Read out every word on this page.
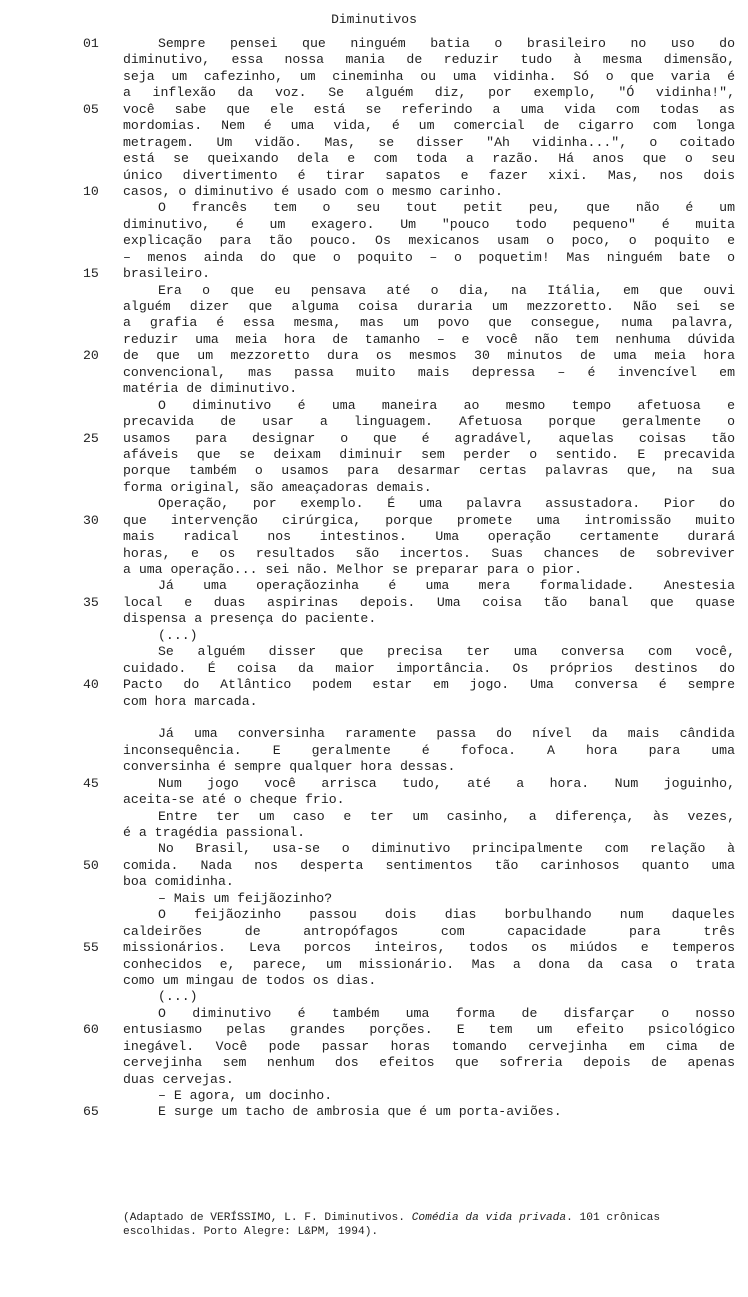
Diminutivos
01	Sempre pensei que ninguém batia o brasileiro no uso do
diminutivo, essa nossa mania de reduzir tudo à mesma dimensão,
seja um cafezinho, um cineminha ou uma vidinha. Só o que varia é
a inflexão da voz. Se alguém diz, por exemplo, "Ó vidinha!",
05 você sabe que ele está se referindo a uma vida com todas as
mordomias. Nem é uma vida, é um comercial de cigarro com longa
metragem. Um vidão. Mas, se disser "Ah vidinha...", o coitado
está se queixando dela e com toda a razão. Há anos que o seu
único divertimento é tirar sapatos e fazer xixi. Mas, nos dois
10 casos, o diminutivo é usado com o mesmo carinho.
O francês tem o seu tout petit peu, que não é um
diminutivo, é um exagero. Um "pouco todo pequeno" é muita
explicação para tão pouco. Os mexicanos usam o poco, o poquito e
– menos ainda do que o poquito – o poquetim! Mas ninguém bate o
15 brasileiro.
Era o que eu pensava até o dia, na Itália, em que ouvi
alguém dizer que alguma coisa duraria um mezzoretto. Não sei se
a grafia é essa mesma, mas um povo que consegue, numa palavra,
reduzir uma meia hora de tamanho – e você não tem nenhuma dúvida
20 de que um mezzoretto dura os mesmos 30 minutos de uma meia hora
convencional, mas passa muito mais depressa – é invencível em
matéria de diminutivo.
O diminutivo é uma maneira ao mesmo tempo afetuosa e
precavida de usar a linguagem. Afetuosa porque geralmente o
25 usamos para designar o que é agradável, aquelas coisas tão
afáveis que se deixam diminuir sem perder o sentido. E precavida
porque também o usamos para desarmar certas palavras que, na sua
forma original, são ameaçadoras demais.
Operação, por exemplo. É uma palavra assustadora. Pior do
30 que intervenção cirúrgica, porque promete uma intromissão muito
mais radical nos intestinos. Uma operação certamente durará
horas, e os resultados são incertos. Suas chances de sobreviver
a uma operação... sei não. Melhor se preparar para o pior.
Já uma operaçãozinha é uma mera formalidade. Anestesia
35 local e duas aspirinas depois. Uma coisa tão banal que quase
dispensa a presença do paciente.
(...)
Se alguém disser que precisa ter uma conversa com você,
cuidado. É coisa da maior importância. Os próprios destinos do
40 Pacto do Atlântico podem estar em jogo. Uma conversa é sempre
com hora marcada.
Já uma conversinha raramente passa do nível da mais cândida
inconsequência. E geralmente é fofoca. A hora para uma
conversinha é sempre qualquer hora dessas.
45	Num jogo você arrisca tudo, até a hora. Num joguinho,
aceita-se até o cheque frio.
Entre ter um caso e ter um casinho, a diferença, às vezes,
é a tragédia passional.
No Brasil, usa-se o diminutivo principalmente com relação à
50 comida. Nada nos desperta sentimentos tão carinhosos quanto uma
boa comidinha.
– Mais um feijãozinho?
O feijãozinho passou dois dias borbulhando num daqueles
caldeirões de antropófagos com capacidade para três
55 missionários. Leva porcos inteiros, todos os miúdos e temperos
conhecidos e, parece, um missionário. Mas a dona da casa o trata
como um mingau de todos os dias.
(...)
O diminutivo é também uma forma de disfarçar o nosso
60 entusiasmo pelas grandes porções. E tem um efeito psicológico
inegável. Você pode passar horas tomando cervejinha em cima de
cervejinha sem nenhum dos efeitos que sofreria depois de apenas
duas cervejas.
– E agora, um docinho.
65	E surge um tacho de ambrosia que é um porta-aviões.
(Adaptado de VERÍSSIMO, L. F. Diminutivos. Comédia da vida privada. 101 crônicas escolhidas. Porto Alegre: L&PM, 1994).
